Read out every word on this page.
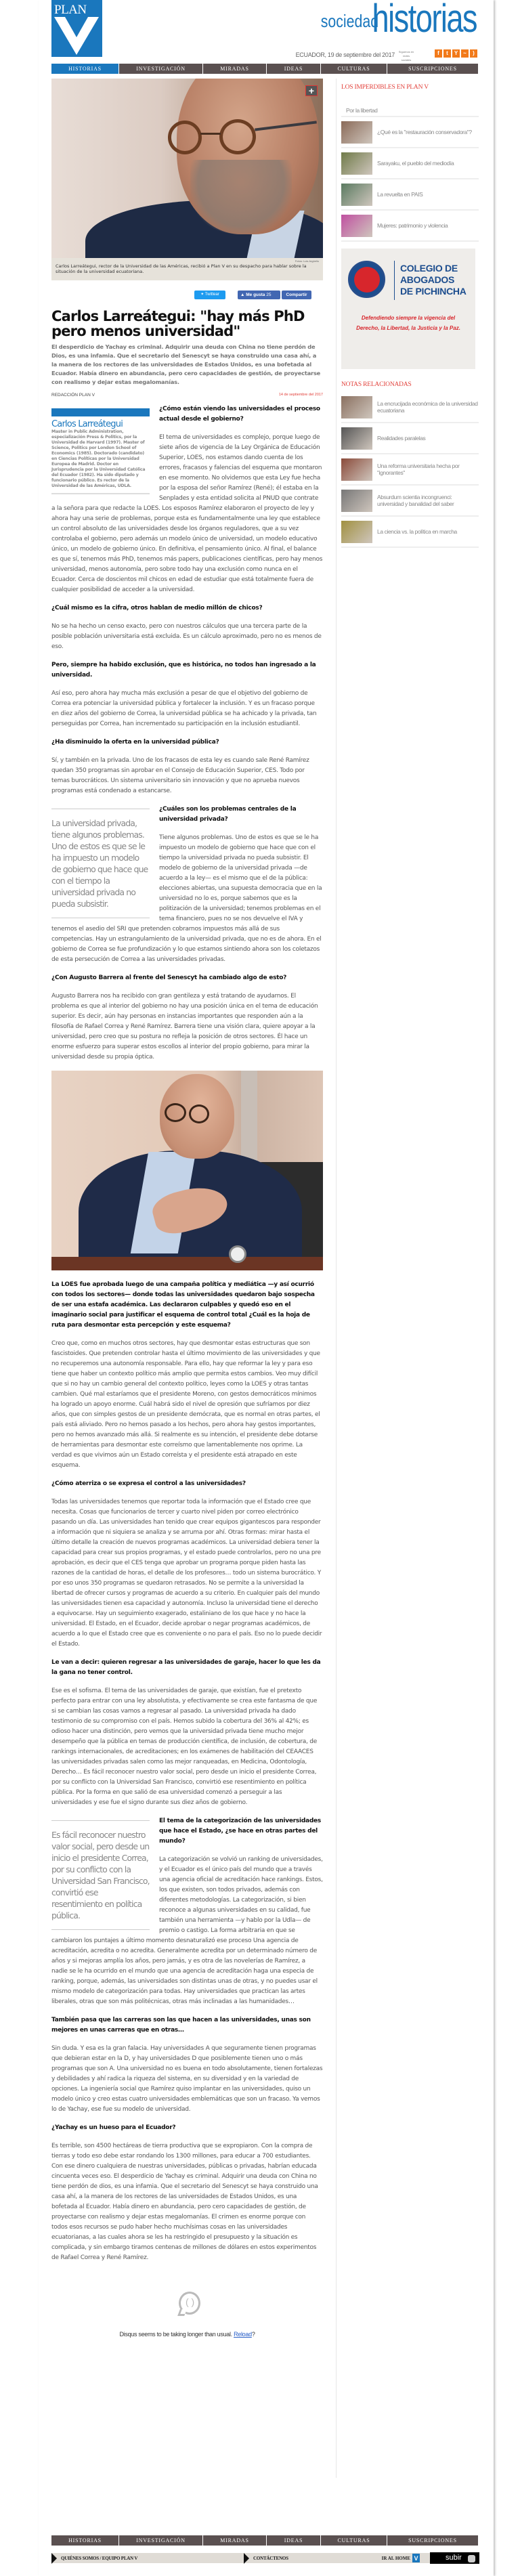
PLAN
sociedad
historias
ECUADOR, 19 de septiembre del 2017 Síguenos en redes sociales
f	t	Y ~	)
HISTORIAS	INVESTIGACIÓN	MIRADAS	IDEAS	CULTURAS	SUSCRIPCIONES
+
Fotos: Luis Argüello
Carlos Larreátegui, rector de la Universidad de las Américas, recibió a Plan V en su despacho para hablar sobre la situación de la universidad ecuatoriana.
✦ Twittear	▲ Me gusta 25	Compartir
Carlos Larreátegui: "hay más PhD pero menos universidad"
El desperdicio de Yachay es criminal. Adquirir una deuda con China no tiene perdón de Dios, es una infamia. Que el secretario del Senescyt se haya construido una casa ahí, a la manera de los rectores de las universidades de Estados Unidos, es una bofetada al Ecuador. Había dinero en abundancia, pero cero capacidades de gestión, de proyectarse con realismo y dejar estas megalomanías.
REDACCIÓN PLAN V	14 de septiembre del 2017
Carlos Larreátegui
Master in Public Administration, especialización Press & Politics, por la Universidad de Harvard (1997). Master of Science, Politics por London School of Economics (1985). Doctorado (candidato) en Ciencias Políticas por la Universidad Europea de Madrid. Doctor en Jurisprudencia por la Universidad Católica del Ecuador (1982). Ha sido diputado y funcionario público. Es rector de la Universidad de las Américas, UDLA.

¿Cómo están viendo las universidades el proceso actual desde el gobierno?

El tema de universidades es complejo, porque luego de siete años de vigencia de la Ley Orgánica de Educación Superior, LOES, nos estamos dando cuenta de los errores, fracasos y falencias del esquema que montaron en ese momento. No olvidemos que esta Ley fue hecha por la esposa del señor Ramírez (René); él estaba en la Senplades y esta entidad solicita al PNUD que contrate a la señora para que redacte la LOES. Los esposos Ramírez elaboraron el proyecto de ley y ahora hay una serie de problemas, porque esta es fundamentalmente una ley que establece un control absoluto de las universidades desde los órganos reguladores, que a su vez controlaba el gobierno, pero además un modelo único de universidad, un modelo educativo único, un modelo de gobierno único. En definitiva, el pensamiento único. Al final, el balance es que sí, tenemos más PhD, tenemos más papers, publicaciones científicas, pero hay menos universidad, menos autonomía, pero sobre todo hay una exclusión como nunca en el Ecuador. Cerca de doscientos mil chicos en edad de estudiar que está totalmente fuera de cualquier posibilidad de acceder a la universidad.

¿Cuál mismo es la cifra, otros hablan de medio millón de chicos?

No se ha hecho un censo exacto, pero con nuestros cálculos que una tercera parte de la posible población universitaria está excluida. Es un cálculo aproximado, pero no es menos de eso.

Pero, siempre ha habido exclusión, que es histórica, no todos han ingresado a la universidad.

Así eso, pero ahora hay mucha más exclusión a pesar de que el objetivo del gobierno de Correa era potenciar la universidad pública y fortalecer la inclusión. Y es un fracaso porque en diez años del gobierno de Correa, la universidad pública se ha achicado y la privada, tan perseguidas por Correa, han incrementado su participación en la inclusión estudiantil.

¿Ha disminuido la oferta en la universidad pública?

Sí, y también en la privada. Uno de los fracasos de esta ley es cuando sale René Ramírez quedan 350 programas sin aprobar en el Consejo de Educación Superior, CES. Todo por temas burocráticos. Un sistema universitario sin innovación y que no aprueba nuevos programas está condenado a estancarse.

La universidad privada, tiene algunos problemas. Uno de estos es que se le ha impuesto un modelo de gobierno que hace que con el tiempo la universidad privada no pueda subsistir.

¿Cuáles son los problemas centrales de la universidad privada?

Tiene algunos problemas. Uno de estos es que se le ha impuesto un modelo de gobierno que hace que con el tiempo la universidad privada no pueda subsistir. El modelo de gobierno de la universidad privada —de acuerdo a la ley— es el mismo que el de la pública: elecciones abiertas, una supuesta democracia que en la universidad no lo es, porque sabemos que es la politización de la universidad; tenemos problemas en el tema financiero, pues no se nos devuelve el IVA y tenemos el asedio del SRI que pretenden cobrarnos impuestos más allá de sus competencias. Hay un estrangulamiento de la universidad privada, que no es de ahora. En el gobierno de Correa se fue profundización y lo que estamos sintiendo ahora son los coletazos de esta persecución de Correa a las universidades privadas.

¿Con Augusto Barrera al frente del Senescyt ha cambiado algo de esto?

Augusto Barrera nos ha recibido con gran gentileza y está tratando de ayudarnos. El problema es que al interior del gobierno no hay una posición única en el tema de educación superior. Es decir, aún hay personas en instancias importantes que responden aún a la filosofía de Rafael Correa y René Ramírez. Barrera tiene una visión clara, quiere apoyar a la universidad, pero creo que su postura no refleja la posición de otros sectores. Él hace un enorme esfuerzo para superar estos escollos al interior del propio gobierno, para mirar la universidad desde su propia óptica.

La LOES fue aprobada luego de una campaña política y mediática —y así ocurrió con todos los sectores— donde todas las universidades quedaron bajo sospecha de ser una estafa académica. Las declararon culpables y quedó eso en el imaginario social para justificar el esquema de control total ¿Cuál es la hoja de ruta para desmontar esta percepción y este esquema?

Creo que, como en muchos otros sectores, hay que desmontar estas estructuras que son fascistoides. Que pretenden controlar hasta el último movimiento de las universidades y que no recuperemos una autonomía responsable. Para ello, hay que reformar la ley y para eso tiene que haber un contexto político más amplio que permita estos cambios. Veo muy difícil que si no hay un cambio general del contexto político, leyes como la LOES y otras tantas cambien. Qué mal estaríamos que el presidente Moreno, con gestos democráticos mínimos ha logrado un apoyo enorme. Cuál habrá sido el nivel de opresión que sufríamos por diez años, que con simples gestos de un presidente demócrata, que es normal en otras partes, el país está aliviado. Pero no hemos pasado a los hechos, pero ahora hay gestos importantes, pero no hemos avanzado más allá. Si realmente es su intención, el presidente debe dotarse de herramientas para desmontar este correísmo que lamentablemente nos oprime. La verdad es que vivimos aún un Estado correísta y el presidente está atrapado en este esquema.

¿Cómo aterriza o se expresa el control a las universidades?

Todas las universidades tenemos que reportar toda la información que el Estado cree que necesita. Cosas que funcionarios de tercer y cuarto nivel piden por correo electrónico pasando un día. Las universidades han tenido que crear equipos gigantescos para responder a información que ni siquiera se analiza y se arruma por ahí. Otras formas: mirar hasta el último detalle la creación de nuevos programas académicos. La universidad debiera tener la capacidad para crear sus propios programas, y el estado puede controlarlos, pero no una pre aprobación, es decir que el CES tenga que aprobar un programa porque piden hasta las razones de la cantidad de horas, el detalle de los profesores… todo un sistema burocrático. Y por eso unos 350 programas se quedaron retrasados. No se permite a la universidad la libertad de ofrecer cursos y programas de acuerdo a su criterio. En cualquier país del mundo las universidades tienen esa capacidad y autonomía. Incluso la universidad tiene el derecho a equivocarse. Hay un seguimiento exagerado, estaliniano de los que hace y no hace la universidad. El Estado, en el Ecuador, decide aprobar o negar programas académicos, de acuerdo a lo que el Estado cree que es conveniente o no para el país. Eso no lo puede decidir el Estado.

Le van a decir: quieren regresar a las universidades de garaje, hacer lo que les da la gana no tener control.

Ese es el sofisma. El tema de las universidades de garaje, que existían, fue el pretexto perfecto para entrar con una ley absolutista, y efectivamente se crea este fantasma de que si se cambian las cosas vamos a regresar al pasado. La universidad privada ha dado testimonio de su compromiso con el país. Hemos subido la cobertura del 36% al 42%; es odioso hacer una distinción, pero vemos que la universidad privada tiene mucho mejor desempeño que la pública en temas de producción científica, de inclusión, de cobertura, de rankings internacionales, de acreditaciones; en los exámenes de habilitación del CEAACES las universidades privadas salen como las mejor ranqueadas, en Medicina, Odontología, Derecho… Es fácil reconocer nuestro valor social, pero desde un inicio el presidente Correa, por su conflicto con la Universidad San Francisco, convirtió ese resentimiento en política pública. Por la forma en que salió de esa universidad comenzó a perseguir a las universidades y ese fue el signo durante sus diez años de gobierno.

Es fácil reconocer nuestro valor social, pero desde un inicio el presidente Correa, por su conflicto con la Universidad San Francisco, convirtió ese resentimiento en política pública.

El tema de la categorización de las universidades que hace el Estado, ¿se hace en otras partes del mundo?

La categorización se volvió un ranking de universidades, y el Ecuador es el único país del mundo que a través una agencia oficial de acreditación hace rankings. Estos, los que existen, son todos privados, además con diferentes metodologías. La categorización, si bien reconoce a algunas universidades en su calidad, fue también una herramienta —y hablo por la Udla— de premio o castigo. La forma arbitraria en que se cambiaron los puntajes a último momento desnaturalizó ese proceso Una agencia de acreditación, acredita o no acredita. Generalmente acredita por un determinado número de años y si mejoras amplía los años, pero jamás, y es otra de las novelerías de Ramírez, a nadie se le ha ocurrido en el mundo que una agencia de acreditación haga una especia de ranking, porque, además, las universidades son distintas unas de otras, y no puedes usar el mismo modelo de categorización para todas. Hay universidades que practican las artes liberales, otras que son más politécnicas, otras más inclinadas a las humanidades…

También pasa que las carreras son las que hacen a las universidades, unas son mejores en unas carreras que en otras…

Sin duda. Y esa es la gran falacia. Hay universidades A que seguramente tienen programas que debieran estar en la D, y hay universidades D que posiblemente tienen uno o más programas que son A. Una universidad no es buena en todo absolutamente, tienen fortalezas y debilidades y ahí radica la riqueza del sistema, en su diversidad y en la variedad de opciones. La ingeniería social que Ramírez quiso implantar en las universidades, quiso un modelo único y creo estas cuatro universidades emblemáticas que son un fracaso. Ya vemos lo de Yachay, ese fue su modelo de universidad.

¿Yachay es un hueso para el Ecuador?

Es terrible, son 4500 hectáreas de tierra productiva que se expropiaron. Con la compra de tierras y todo eso debe estar rondando los 1300 millones, para educar a 700 estudiantes. Con ese dinero cualquiera de nuestras universidades, públicas o privadas, habrían educada cincuenta veces eso. El desperdicio de Yachay es criminal. Adquirir una deuda con China no tiene perdón de dios, es una infamia. Que el secretario del Senescyt se haya construido una casa ahí, a la manera de los rectores de las universidades de Estados Unidos, es una bofetada al Ecuador. Había dinero en abundancia, pero cero capacidades de gestión, de proyectarse con realismo y dejar estas megalomanías. El crimen es enorme porque con todos esos recursos se pudo haber hecho muchísimas cosas en las universidades ecuatorianas, a las cuales ahora se les ha restringido el presupuesto y la situación es complicada, y sin embargo tiramos centenas de millones de dólares en estos experimentos de Rafael Correa y René Ramírez.

( )
Disqus seems to be taking longer than usual. Reload?
LOS IMPERDIBLES EN PLAN V
Por la libertad
¿Qué es la "restauración conservadora"?
Sarayaku, el pueblo del mediodía
La revuelta en PAIS
Mujeres: patrimonio y violencia
COLEGIO DE ABOGADOS DE PICHINCHA
Defendiendo siempre la vigencia del Derecho, la Libertad, la Justicia y la Paz.
NOTAS RELACIONADAS
La encrucijada económica de la universidad ecuatoriana
Realidades paralelas
Una reforma universitaria hecha por "ignorantes"
Absurdum scientia incongruenci: universidad y banalidad del saber
La ciencia vs. la política en marcha
HISTORIAS	INVESTIGACIÓN	MIRADAS	IDEAS	CULTURAS	SUSCRIPCIONES
QUIÉNES SOMOS / EQUIPO PLAN V	CONTÁCTENOS	IR AL HOME V	subir
